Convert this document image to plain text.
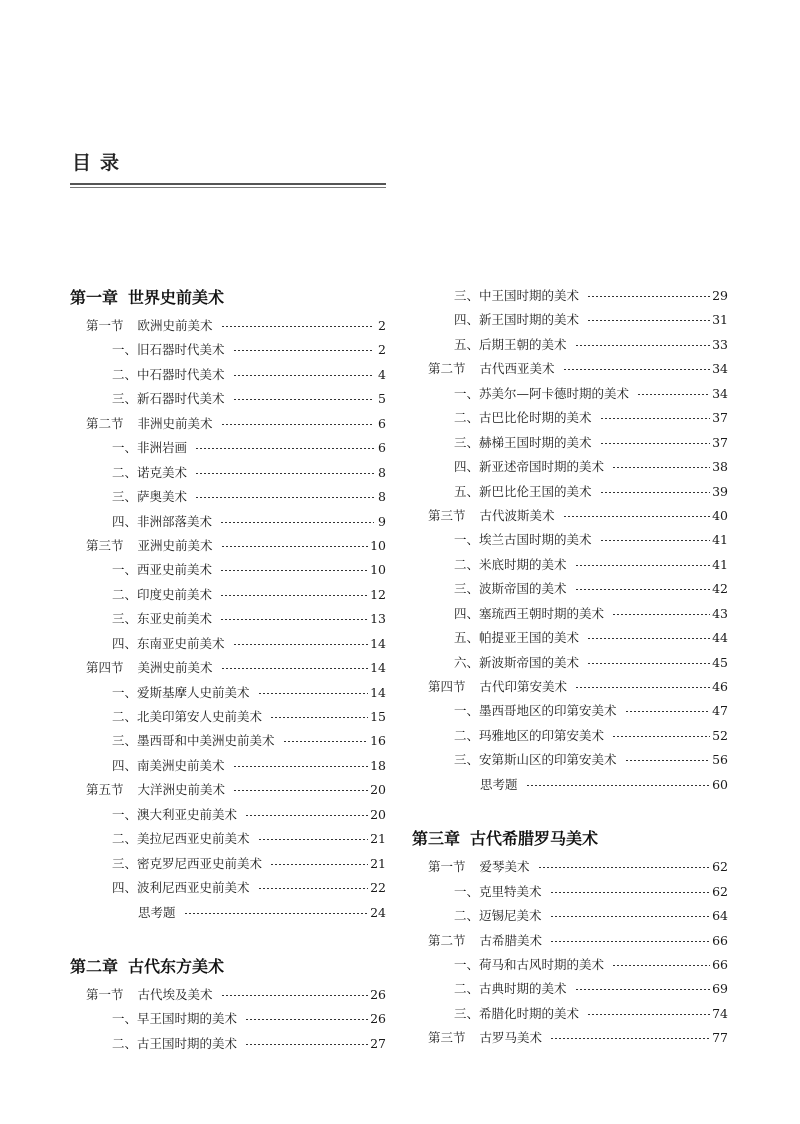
目录
第一章 世界史前美术
第一节 欧洲史前美术	2
一、旧石器时代美术	2
二、中石器时代美术	4
三、新石器时代美术	5
第二节 非洲史前美术	6
一、非洲岩画	6
二、诺克美术	8
三、萨奥美术	8
四、非洲部落美术	9
第三节 亚洲史前美术	10
一、西亚史前美术	10
二、印度史前美术	12
三、东亚史前美术	13
四、东南亚史前美术	14
第四节 美洲史前美术	14
一、爱斯基摩人史前美术	14
二、北美印第安人史前美术	15
三、墨西哥和中美洲史前美术	16
四、南美洲史前美术	18
第五节 大洋洲史前美术	20
一、澳大利亚史前美术	20
二、美拉尼西亚史前美术	21
三、密克罗尼西亚史前美术	21
四、波利尼西亚史前美术	22
思考题	24
第二章 古代东方美术
第一节 古代埃及美术	26
一、早王国时期的美术	26
二、古王国时期的美术	27
三、中王国时期的美术	29
四、新王国时期的美术	31
五、后期王朝的美术	33
第二节 古代西亚美术	34
一、苏美尔—阿卡德时期的美术	34
二、古巴比伦时期的美术	37
三、赫梯王国时期的美术	37
四、新亚述帝国时期的美术	38
五、新巴比伦王国的美术	39
第三节 古代波斯美术	40
一、埃兰古国时期的美术	41
二、米底时期的美术	41
三、波斯帝国的美术	42
四、塞琉西王朝时期的美术	43
五、帕提亚王国的美术	44
六、新波斯帝国的美术	45
第四节 古代印第安美术	46
一、墨西哥地区的印第安美术	47
二、玛雅地区的印第安美术	52
三、安第斯山区的印第安美术	56
思考题	60
第三章 古代希腊罗马美术
第一节 爱琴美术	62
一、克里特美术	62
二、迈锡尼美术	64
第二节 古希腊美术	66
一、荷马和古风时期的美术	66
二、古典时期的美术	69
三、希腊化时期的美术	74
第三节 古罗马美术	77
